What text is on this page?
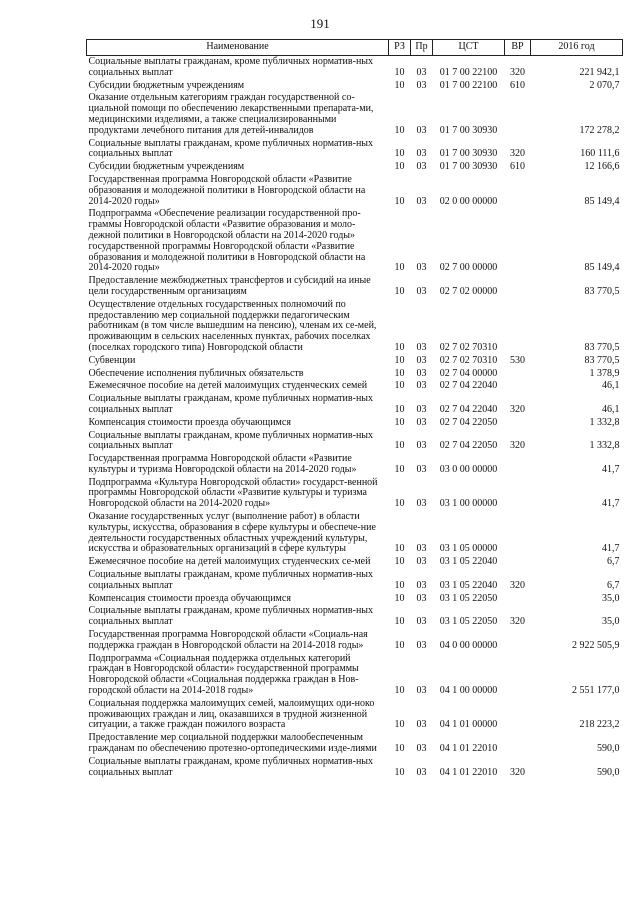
191
Наименование	РЗ	Пр	ЦСТ	ВР	2016 год
Социальные выплаты гражданам, кроме публичных норматив-ных социальных выплат	10	03	01 7 00 22100	320	221 942,1
Субсидии бюджетным учреждениям	10	03	01 7 00 22100	610	2 070,7
Оказание отдельным категориям граждан государственной со-циальной помощи по обеспечению лекарственными препарата-ми, медицинскими изделиями, а также специализированными продуктами лечебного питания для детей-инвалидов	10	03	01 7 00 30930		172 278,2
Социальные выплаты гражданам, кроме публичных норматив-ных социальных выплат	10	03	01 7 00 30930	320	160 111,6
Субсидии бюджетным учреждениям	10	03	01 7 00 30930	610	12 166,6
Государственная программа Новгородской области «Развитие образования и молодежной политики в Новгородской области на 2014-2020 годы»	10	03	02 0 00 00000		85 149,4
Подпрограмма «Обеспечение реализации государственной про-граммы Новгородской области «Развитие образования и моло-дежной политики в Новгородской области на 2014-2020 годы» государственной программы Новгородской области «Развитие образования и молодежной политики в Новгородской области на 2014-2020 годы»	10	03	02 7 00 00000		85 149,4
Предоставление межбюджетных трансфертов и субсидий на иные цели государственным организациям	10	03	02 7 02 00000		83 770,5
Осуществление отдельных государственных полномочий по предоставлению мер социальной поддержки педагогическим работникам (в том числе вышедшим на пенсию), членам их се-мей, проживающим в сельских населенных пунктах, рабочих поселках (поселках городского типа) Новгородской области	10	03	02 7 02 70310		83 770,5
Субвенции	10	03	02 7 02 70310	530	83 770,5
Обеспечение исполнения публичных обязательств	10	03	02 7 04 00000		1 378,9
Ежемесячное пособие на детей малоимущих студенческих семей	10	03	02 7 04 22040		46,1
Социальные выплаты гражданам, кроме публичных норматив-ных социальных выплат	10	03	02 7 04 22040	320	46,1
Компенсация стоимости проезда обучающимся	10	03	02 7 04 22050		1 332,8
Социальные выплаты гражданам, кроме публичных норматив-ных социальных выплат	10	03	02 7 04 22050	320	1 332,8
Государственная программа Новгородской области «Развитие культуры и туризма Новгородской области на 2014-2020 годы»	10	03	03 0 00 00000		41,7
Подпрограмма «Культура Новгородской области» государст-венной программы Новгородской области «Развитие культуры и туризма Новгородской области на 2014-2020 годы»	10	03	03 1 00 00000		41,7
Оказание государственных услуг (выполнение работ) в области культуры, искусства, образования в сфере культуры и обеспече-ние деятельности государственных областных учреждений культуры, искусства и образовательных организаций в сфере культуры	10	03	03 1 05 00000		41,7
Ежемесячное пособие на детей малоимущих студенческих се-мей	10	03	03 1 05 22040		6,7
Социальные выплаты гражданам, кроме публичных норматив-ных социальных выплат	10	03	03 1 05 22040	320	6,7
Компенсация стоимости проезда обучающимся	10	03	03 1 05 22050		35,0
Социальные выплаты гражданам, кроме публичных норматив-ных социальных выплат	10	03	03 1 05 22050	320	35,0
Государственная программа Новгородской области «Социаль-ная поддержка граждан в Новгородской области на 2014-2018 годы»	10	03	04 0 00 00000		2 922 505,9
Подпрограмма «Социальная поддержка отдельных категорий граждан в Новгородской области» государственной программы Новгородской области «Социальная поддержка граждан в Нов-городской области на 2014-2018 годы»	10	03	04 1 00 00000		2 551 177,0
Социальная поддержка малоимущих семей, малоимущих оди-ноко проживающих граждан и лиц, оказавшихся в трудной жизненной ситуации, а также граждан пожилого возраста	10	03	04 1 01 00000		218 223,2
Предоставление мер социальной поддержки малообеспеченным гражданам по обеспечению протезно-ортопедическими изде-лиями	10	03	04 1 01 22010		590,0
Социальные выплаты гражданам, кроме публичных норматив-ных социальных выплат	10	03	04 1 01 22010	320	590,0
